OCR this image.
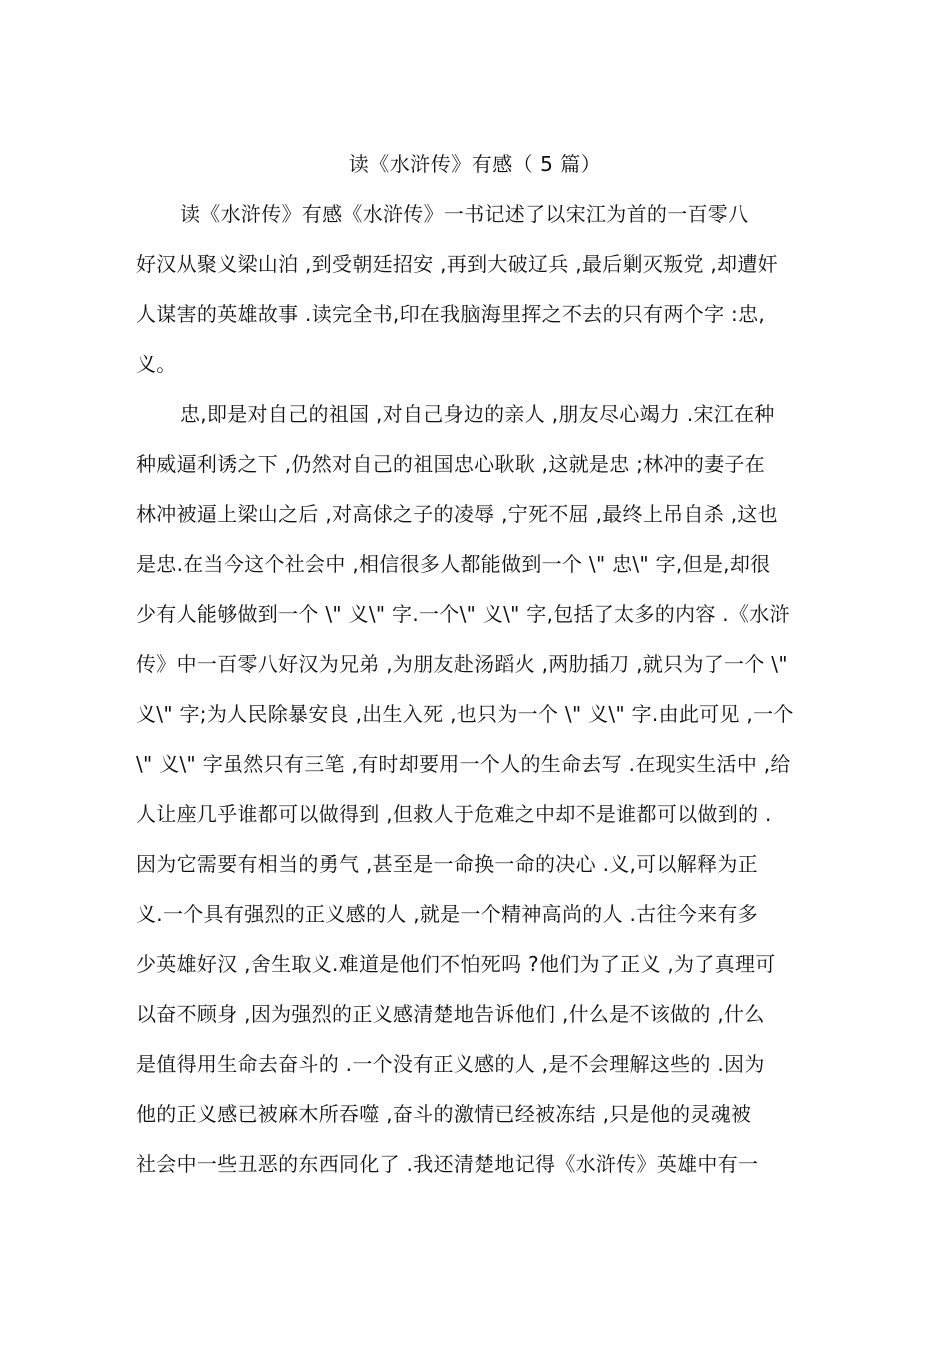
读《水浒传》有感（ 5 篇）
读《水浒传》有感《水浒传》一书记述了以宋江为首的一百零八
好汉从聚义梁山泊 ,到受朝廷招安 ,再到大破辽兵 ,最后剿灭叛党 ,却遭奸
人谋害的英雄故事 .读完全书,印在我脑海里挥之不去的只有两个字 :忠,
义。
忠,即是对自己的祖国 ,对自己身边的亲人 ,朋友尽心竭力 .宋江在种
种威逼利诱之下 ,仍然对自己的祖国忠心耿耿 ,这就是忠 ;林冲的妻子在
林冲被逼上梁山之后 ,对高俅之子的凌辱 ,宁死不屈 ,最终上吊自杀 ,这也
是忠.在当今这个社会中 ,相信很多人都能做到一个 \" 忠\" 字,但是,却很
少有人能够做到一个 \" 义\" 字.一个\" 义\" 字,包括了太多的内容 .《水浒
传》中一百零八好汉为兄弟 ,为朋友赴汤蹈火 ,两肋插刀 ,就只为了一个 \"
义\" 字;为人民除暴安良 ,出生入死 ,也只为一个 \" 义\" 字.由此可见 ,一个
\" 义\" 字虽然只有三笔 ,有时却要用一个人的生命去写 .在现实生活中 ,给
人让座几乎谁都可以做得到 ,但救人于危难之中却不是谁都可以做到的 .
因为它需要有相当的勇气 ,甚至是一命换一命的决心 .义,可以解释为正
义.一个具有强烈的正义感的人 ,就是一个精神高尚的人 .古往今来有多
少英雄好汉 ,舍生取义.难道是他们不怕死吗 ?他们为了正义 ,为了真理可
以奋不顾身 ,因为强烈的正义感清楚地告诉他们 ,什么是不该做的 ,什么
是值得用生命去奋斗的 .一个没有正义感的人 ,是不会理解这些的 .因为
他的正义感已被麻木所吞噬 ,奋斗的激情已经被冻结 ,只是他的灵魂被
社会中一些丑恶的东西同化了 .我还清楚地记得《水浒传》英雄中有一
